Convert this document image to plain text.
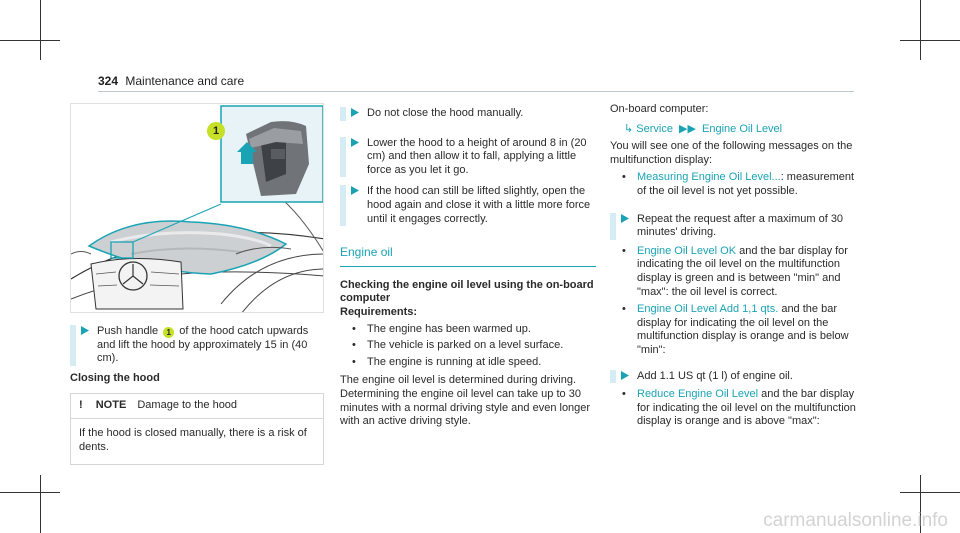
324 Maintenance and care
1
Push handle 1 of the hood catch upwards and lift the hood by approximately 15 in (40 cm).
Closing the hood
! NOTE Damage to the hood
If the hood is closed manually, there is a risk of dents.
Do not close the hood manually.
Lower the hood to a height of around 8 in (20 cm) and then allow it to fall, applying a little force as you let it go.
If the hood can still be lifted slightly, open the hood again and close it with a little more force until it engages correctly.
Engine oil
Checking the engine oil level using the on-board computer
Requirements:
• The engine has been warmed up.
• The vehicle is parked on a level surface.
• The engine is running at idle speed.
The engine oil level is determined during driving. Determining the engine oil level can take up to 30 minutes with a normal driving style and even longer with an active driving style.
On-board computer:
↳ Service ▶▶ Engine Oil Level
You will see one of the following messages on the multifunction display:
• Measuring Engine Oil Level...: measurement of the oil level is not yet possible.
Repeat the request after a maximum of 30 minutes' driving.
• Engine Oil Level OK and the bar display for indicating the oil level on the multifunction display is green and is between "min" and "max": the oil level is correct.
• Engine Oil Level Add 1,1 qts. and the bar display for indicating the oil level on the multifunction display is orange and is below "min":
Add 1.1 US qt (1 l) of engine oil.
• Reduce Engine Oil Level and the bar display for indicating the oil level on the multifunction display is orange and is above "max":
carmanualsonline.info
